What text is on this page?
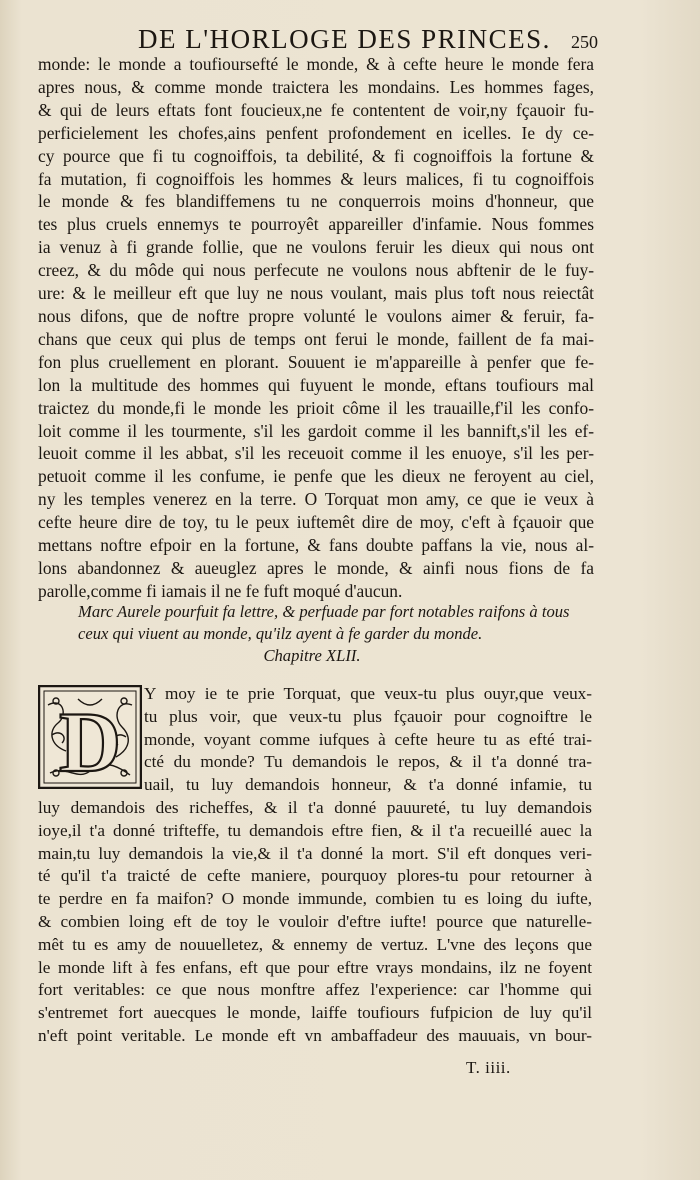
DE L'HORLOGE DES PRINCES. 250
monde: le monde a toufioursefté le monde, & à cefte heure le monde fera
apres nous, & comme monde traictera les mondains. Les hommes fages,
& qui de leurs eftats font foucieux,ne fe contentent de voir,ny fçauoir fu-
perficielement les chofes,ains penfent profondement en icelles. Ie dy ce-
cy pource que fi tu cognoiffois, ta debilité, & fi cognoiffois la fortune &
fa mutation, fi cognoiffois les hommes & leurs malices, fi tu cognoiffois
le monde & fes blandiffemens tu ne conquerrois moins d'honneur, que
tes plus cruels ennemys te pourroyêt appareiller d'infamie. Nous fommes
ia venuz à fi grande follie, que ne voulons feruir les dieux qui nous ont
creez, & du môde qui nous perfecute ne voulons nous abftenir de le fuy-
ure: & le meilleur eft que luy ne nous voulant, mais plus toft nous reiectât
nous difons, que de noftre propre volunté le voulons aimer & feruir, fa-
chans que ceux qui plus de temps ont ferui le monde, faillent de fa mai-
fon plus cruellement en plorant. Souuent ie m'appareille à penfer que fe-
lon la multitude des hommes qui fuyuent le monde, eftans toufiours mal
traictez du monde,fi le monde les prioit côme il les trauaille,f'il les confo-
loit comme il les tourmente, s'il les gardoit comme il les bannift,s'il les ef-
leuoit comme il les abbat, s'il les receuoit comme il les enuoye, s'il les per-
petuoit comme il les confume, ie penfe que les dieux ne feroyent au ciel,
ny les temples venerez en la terre. O Torquat mon amy, ce que ie veux à
cefte heure dire de toy, tu le peux iuftemêt dire de moy, c'eft à fçauoir que
mettans noftre efpoir en la fortune, & fans doubte paffans la vie, nous al-
lons abandonnez & aueuglez apres le monde, & ainfi nous fions de fa
parolle,comme fi iamais il ne fe fuft moqué d'aucun.
Marc Aurele pourfuit fa lettre, & perfuade par fort notables raifons à tous
ceux qui viuent au monde, qu'ilz ayent à fe garder du monde.
Chapitre XLII.
D
Y moy ie te prie Torquat, que veux-tu plus ouyr,que veux-
tu plus voir, que veux-tu plus fçauoir pour cognoiftre le
monde, voyant comme iufques à cefte heure tu as efté trai-
cté du monde? Tu demandois le repos, & il t'a donné tra-
uail, tu luy demandois honneur, & t'a donné infamie, tu
luy demandois des richeffes, & il t'a donné pauureté, tu luy demandois
ioye,il t'a donné trifteffe, tu demandois eftre fien, & il t'a recueillé auec la
main,tu luy demandois la vie,& il t'a donné la mort. S'il eft donques veri-
té qu'il t'a traicté de cefte maniere, pourquoy plores-tu pour retourner à
te perdre en fa maifon? O monde immunde, combien tu es loing du iufte,
& combien loing eft de toy le vouloir d'eftre iufte! pource que naturelle-
mêt tu es amy de nouuelletez, & ennemy de vertuz. L'vne des leçons que
le monde lift à fes enfans, eft que pour eftre vrays mondains, ilz ne foyent
fort veritables: ce que nous monftre affez l'experience: car l'homme qui
s'entremet fort auecques le monde, laiffe toufiours fufpicion de luy qu'il
n'eft point veritable. Le monde eft vn ambaffadeur des mauuais, vn bour-
T. iiii.
